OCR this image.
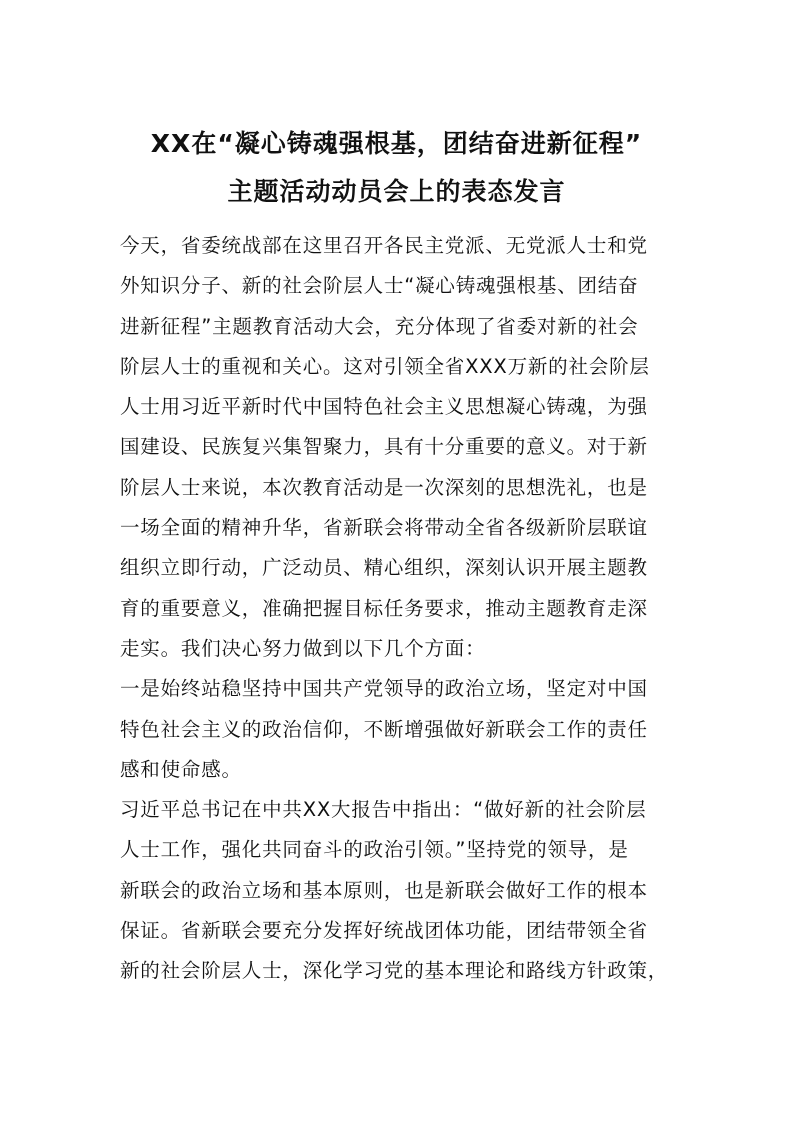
XX在“凝心铸魂强根基，团结奋进新征程”
主题活动动员会上的表态发言

今天，省委统战部在这里召开各民主党派、无党派人士和党
外知识分子、新的社会阶层人士“凝心铸魂强根基、团结奋
进新征程”主题教育活动大会，充分体现了省委对新的社会
阶层人士的重视和关心。这对引领全省XXX万新的社会阶层
人士用习近平新时代中国特色社会主义思想凝心铸魂，为强
国建设、民族复兴集智聚力，具有十分重要的意义。对于新
阶层人士来说，本次教育活动是一次深刻的思想洗礼，也是
一场全面的精神升华，省新联会将带动全省各级新阶层联谊
组织立即行动，广泛动员、精心组织，深刻认识开展主题教
育的重要意义，准确把握目标任务要求，推动主题教育走深
走实。我们决心努力做到以下几个方面：

一是始终站稳坚持中国共产党领导的政治立场，坚定对中国
特色社会主义的政治信仰，不断增强做好新联会工作的责任
感和使命感。

习近平总书记在中共XX大报告中指出：“做好新的社会阶层
人士工作，强化共同奋斗的政治引领。”坚持党的领导，是
新联会的政治立场和基本原则，也是新联会做好工作的根本
保证。省新联会要充分发挥好统战团体功能，团结带领全省
新的社会阶层人士，深化学习党的基本理论和路线方针政策，
